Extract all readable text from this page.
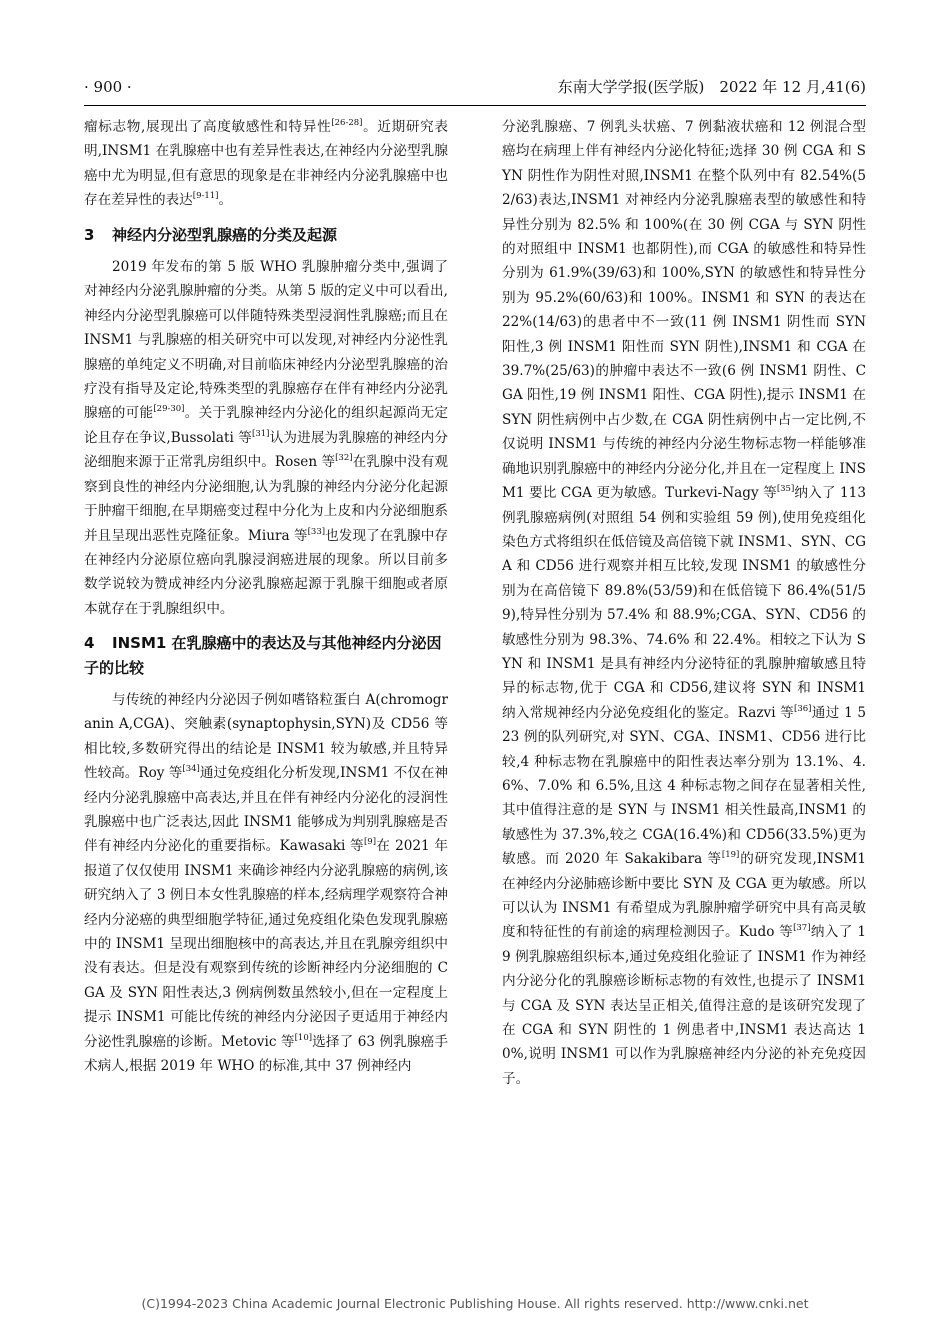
· 900 ·	东南大学学报(医学版)　2022 年 12 月,41(6)

瘤标志物,展现出了高度敏感性和特异性[26-28]。近期研究表明,INSM1 在乳腺癌中也有差异性表达,在神经内分泌型乳腺癌中尤为明显,但有意思的现象是在非神经内分泌乳腺癌中也存在差异性的表达[9-11]。

3 神经内分泌型乳腺癌的分类及起源

2019 年发布的第 5 版 WHO 乳腺肿瘤分类中,强调了对神经内分泌乳腺肿瘤的分类。从第 5 版的定义中可以看出,神经内分泌型乳腺癌可以伴随特殊类型浸润性乳腺癌;而且在 INSM1 与乳腺癌的相关研究中可以发现,对神经内分泌性乳腺癌的单纯定义不明确,对目前临床神经内分泌型乳腺癌的治疗没有指导及定论,特殊类型的乳腺癌存在伴有神经内分泌乳腺癌的可能[29-30]。关于乳腺神经内分泌化的组织起源尚无定论且存在争议,Bussolati 等[31]认为进展为乳腺癌的神经内分泌细胞来源于正常乳房组织中。Rosen 等[32]在乳腺中没有观察到良性的神经内分泌细胞,认为乳腺的神经内分泌分化起源于肿瘤干细胞,在早期癌变过程中分化为上皮和内分泌细胞系并且呈现出恶性克隆征象。Miura 等[33]也发现了在乳腺中存在神经内分泌原位癌向乳腺浸润癌进展的现象。所以目前多数学说较为赞成神经内分泌乳腺癌起源于乳腺干细胞或者原本就存在于乳腺组织中。

4 INSM1 在乳腺癌中的表达及与其他神经内分泌因子的比较

与传统的神经内分泌因子例如嗜铬粒蛋白 A(chromogranin A,CGA)、突触素(synaptophysin,SYN)及 CD56 等相比较,多数研究得出的结论是 INSM1 较为敏感,并且特异性较高。Roy 等[34]通过免疫组化分析发现,INSM1 不仅在神经内分泌乳腺癌中高表达,并且在伴有神经内分泌化的浸润性乳腺癌中也广泛表达,因此 INSM1 能够成为判别乳腺癌是否伴有神经内分泌化的重要指标。Kawasaki 等[9]在 2021 年报道了仅仅使用 INSM1 来确诊神经内分泌乳腺癌的病例,该研究纳入了 3 例日本女性乳腺癌的样本,经病理学观察符合神经内分泌癌的典型细胞学特征,通过免疫组化染色发现乳腺癌中的 INSM1 呈现出细胞核中的高表达,并且在乳腺旁组织中没有表达。但是没有观察到传统的诊断神经内分泌细胞的 CGA 及 SYN 阳性表达,3 例病例数虽然较小,但在一定程度上提示 INSM1 可能比传统的神经内分泌因子更适用于神经内分泌性乳腺癌的诊断。Metovic 等[10]选择了 63 例乳腺癌手术病人,根据 2019 年 WHO 的标准,其中 37 例神经内

分泌乳腺癌、7 例乳头状癌、7 例黏液状癌和 12 例混合型癌均在病理上伴有神经内分泌化特征;选择 30 例 CGA 和 SYN 阴性作为阴性对照,INSM1 在整个队列中有 82.54%(52/63)表达,INSM1 对神经内分泌乳腺癌表型的敏感性和特异性分别为 82.5% 和 100%(在 30 例 CGA 与 SYN 阴性的对照组中 INSM1 也都阴性),而 CGA 的敏感性和特异性分别为 61.9%(39/63)和 100%,SYN 的敏感性和特异性分别为 95.2%(60/63)和 100%。INSM1 和 SYN 的表达在 22%(14/63)的患者中不一致(11 例 INSM1 阴性而 SYN 阳性,3 例 INSM1 阳性而 SYN 阴性),INSM1 和 CGA 在 39.7%(25/63)的肿瘤中表达不一致(6 例 INSM1 阴性、CGA 阳性,19 例 INSM1 阳性、CGA 阴性),提示 INSM1 在 SYN 阴性病例中占少数,在 CGA 阴性病例中占一定比例,不仅说明 INSM1 与传统的神经内分泌生物标志物一样能够准确地识别乳腺癌中的神经内分泌分化,并且在一定程度上 INSM1 要比 CGA 更为敏感。Turkevi-Nagy 等[35]纳入了 113 例乳腺癌病例(对照组 54 例和实验组 59 例),使用免疫组化染色方式将组织在低倍镜及高倍镜下就 INSM1、SYN、CGA 和 CD56 进行观察并相互比较,发现 INSM1 的敏感性分别为在高倍镜下 89.8%(53/59)和在低倍镜下 86.4%(51/59),特异性分别为 57.4% 和 88.9%;CGA、SYN、CD56 的敏感性分别为 98.3%、74.6% 和 22.4%。相较之下认为 SYN 和 INSM1 是具有神经内分泌特征的乳腺肿瘤敏感且特异的标志物,优于 CGA 和 CD56,建议将 SYN 和 INSM1 纳入常规神经内分泌免疫组化的鉴定。Razvi 等[36]通过 1 523 例的队列研究,对 SYN、CGA、INSM1、CD56 进行比较,4 种标志物在乳腺癌中的阳性表达率分别为 13.1%、4.6%、7.0% 和 6.5%,且这 4 种标志物之间存在显著相关性,其中值得注意的是 SYN 与 INSM1 相关性最高,INSM1 的敏感性为 37.3%,较之 CGA(16.4%)和 CD56(33.5%)更为敏感。而 2020 年 Sakakibara 等[19]的研究发现,INSM1 在神经内分泌肺癌诊断中要比 SYN 及 CGA 更为敏感。所以可以认为 INSM1 有希望成为乳腺肿瘤学研究中具有高灵敏度和特征性的有前途的病理检测因子。Kudo 等[37]纳入了 19 例乳腺癌组织标本,通过免疫组化验证了 INSM1 作为神经内分泌分化的乳腺癌诊断标志物的有效性,也提示了 INSM1 与 CGA 及 SYN 表达呈正相关,值得注意的是该研究发现了在 CGA 和 SYN 阴性的 1 例患者中,INSM1 表达高达 10%,说明 INSM1 可以作为乳腺癌神经内分泌的补充免疫因子。

(C)1994-2023 China Academic Journal Electronic Publishing House. All rights reserved. http://www.cnki.net
